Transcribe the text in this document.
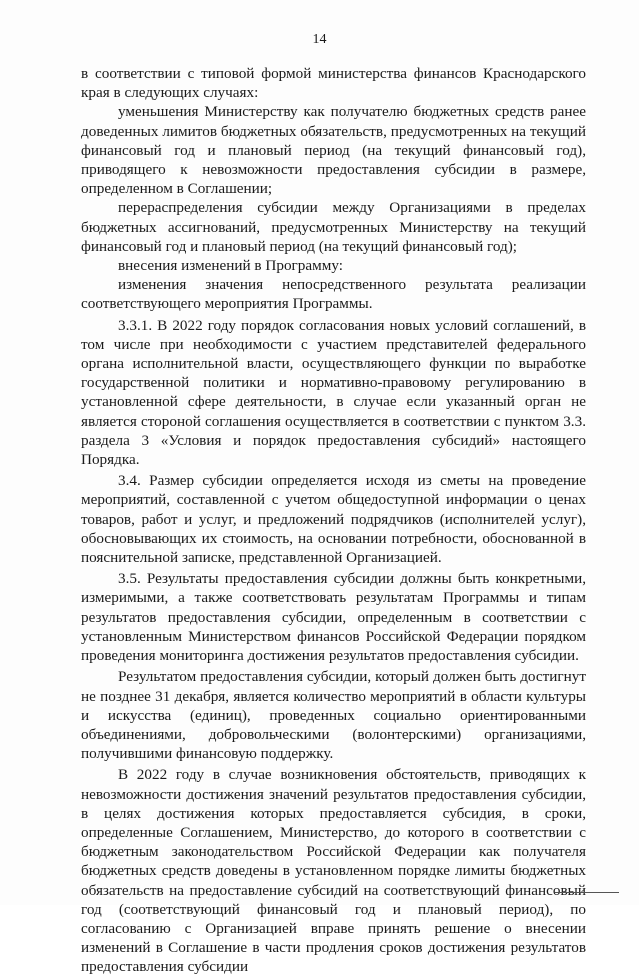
14

в соответствии с типовой формой министерства финансов Краснодарского края в следующих случаях:

уменьшения Министерству как получателю бюджетных средств ранее доведенных лимитов бюджетных обязательств, предусмотренных на текущий финансовый год и плановый период (на текущий финансовый год), приводящего к невозможности предоставления субсидии в размере, определенном в Соглашении;

перераспределения субсидии между Организациями в пределах бюджетных ассигнований, предусмотренных Министерству на текущий финансовый год и плановый период (на текущий финансовый год);

внесения изменений в Программу:

изменения значения непосредственного результата реализации соответствующего мероприятия Программы.

3.3.1. В 2022 году порядок согласования новых условий соглашений, в том числе при необходимости с участием представителей федерального органа исполнительной власти, осуществляющего функции по выработке государственной политики и нормативно-правовому регулированию в установленной сфере деятельности, в случае если указанный орган не является стороной соглашения осуществляется в соответствии с пунктом 3.3. раздела 3 «Условия и порядок предоставления субсидий» настоящего Порядка.

3.4. Размер субсидии определяется исходя из сметы на проведение мероприятий, составленной с учетом общедоступной информации о ценах товаров, работ и услуг, и предложений подрядчиков (исполнителей услуг), обосновывающих их стоимость, на основании потребности, обоснованной в пояснительной записке, представленной Организацией.

3.5. Результаты предоставления субсидии должны быть конкретными, измеримыми, а также соответствовать результатам Программы и типам результатов предоставления субсидии, определенным в соответствии с установленным Министерством финансов Российской Федерации порядком проведения мониторинга достижения результатов предоставления субсидии.

Результатом предоставления субсидии, который должен быть достигнут не позднее 31 декабря, является количество мероприятий в области культуры и искусства (единиц), проведенных социально ориентированными объединениями, добровольческими (волонтерскими) организациями, получившими финансовую поддержку.

В 2022 году в случае возникновения обстоятельств, приводящих к невозможности достижения значений результатов предоставления субсидии, в целях достижения которых предоставляется субсидия, в сроки, определенные Соглашением, Министерство, до которого в соответствии с бюджетным законодательством Российской Федерации как получателя бюджетных средств доведены в установленном порядке лимиты бюджетных обязательств на предоставление субсидий на соответствующий финансовый год (соответствующий финансовый год и плановый период), по согласованию с Организацией вправе принять решение о внесении изменений в Соглашение в части продления сроков достижения результатов предоставления субсидии
